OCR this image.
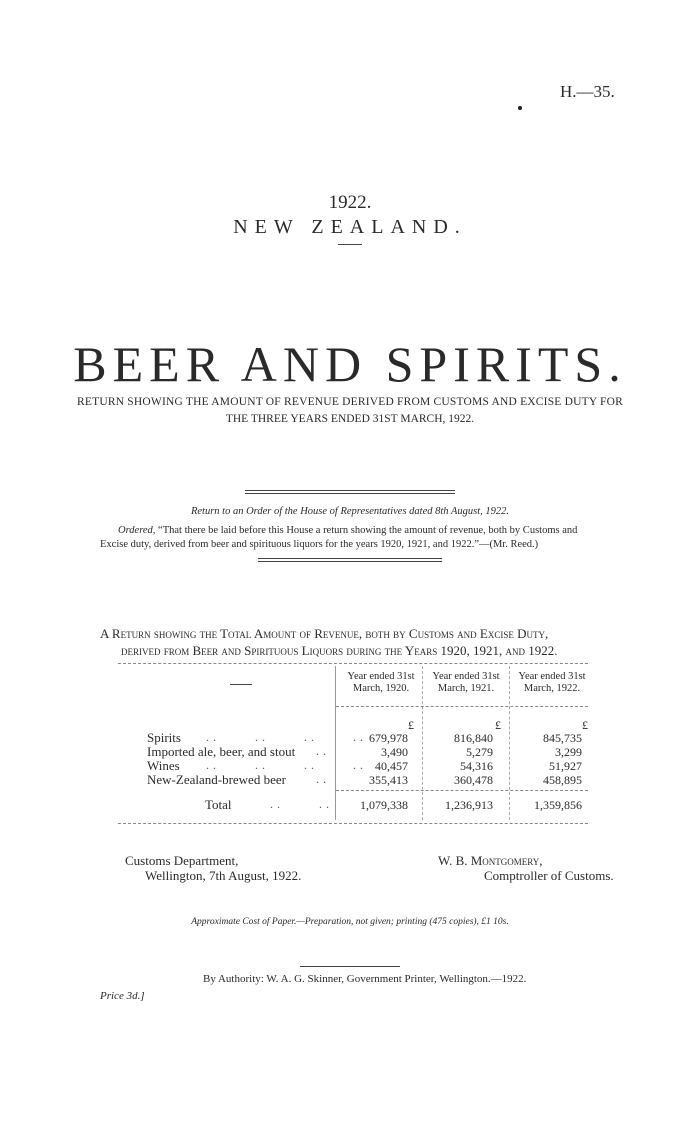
H.—35.
1922.
NEW ZEALAND.
BEER AND SPIRITS.
RETURN SHOWING THE AMOUNT OF REVENUE DERIVED FROM CUSTOMS AND EXCISE DUTY FOR
THE THREE YEARS ENDED 31ST MARCH, 1922.
Return to an Order of the House of Representatives dated 8th August, 1922.
Ordered, “That there be laid before this House a return showing the amount of revenue, both by Customs and
Excise duty, derived from beer and spirituous liquors for the years 1920, 1921, and 1922.”—(Mr. Reed.)
A Return showing the Total Amount of Revenue, both by Customs and Excise Duty,
derived from Beer and Spirituous Liquors during the Years 1920, 1921, and 1922.
Year ended 31st
March, 1920.
Year ended 31st
March, 1921.
Year ended 31st
March, 1922.
£	£	£
Spirits ..     ..     ..     .. 679,978	816,840	845,735
Imported ale, beer, and stout ..	3,490	5,279	3,299
Wines ..     ..     ..     .. 40,457	54,316	51,927
New-Zealand-brewed beer	..	355,413	360,478	458,895
Total	..     ..	1,079,338	1,236,913	1,359,856
Customs Department,
Wellington, 7th August, 1922.
W. B. Montgomery,
Comptroller of Customs.
Approximate Cost of Paper.—Preparation, not given; printing (475 copies), £1 10s.
By Authority: W. A. G. Skinner, Government Printer, Wellington.—1922.
Price 3d.]
